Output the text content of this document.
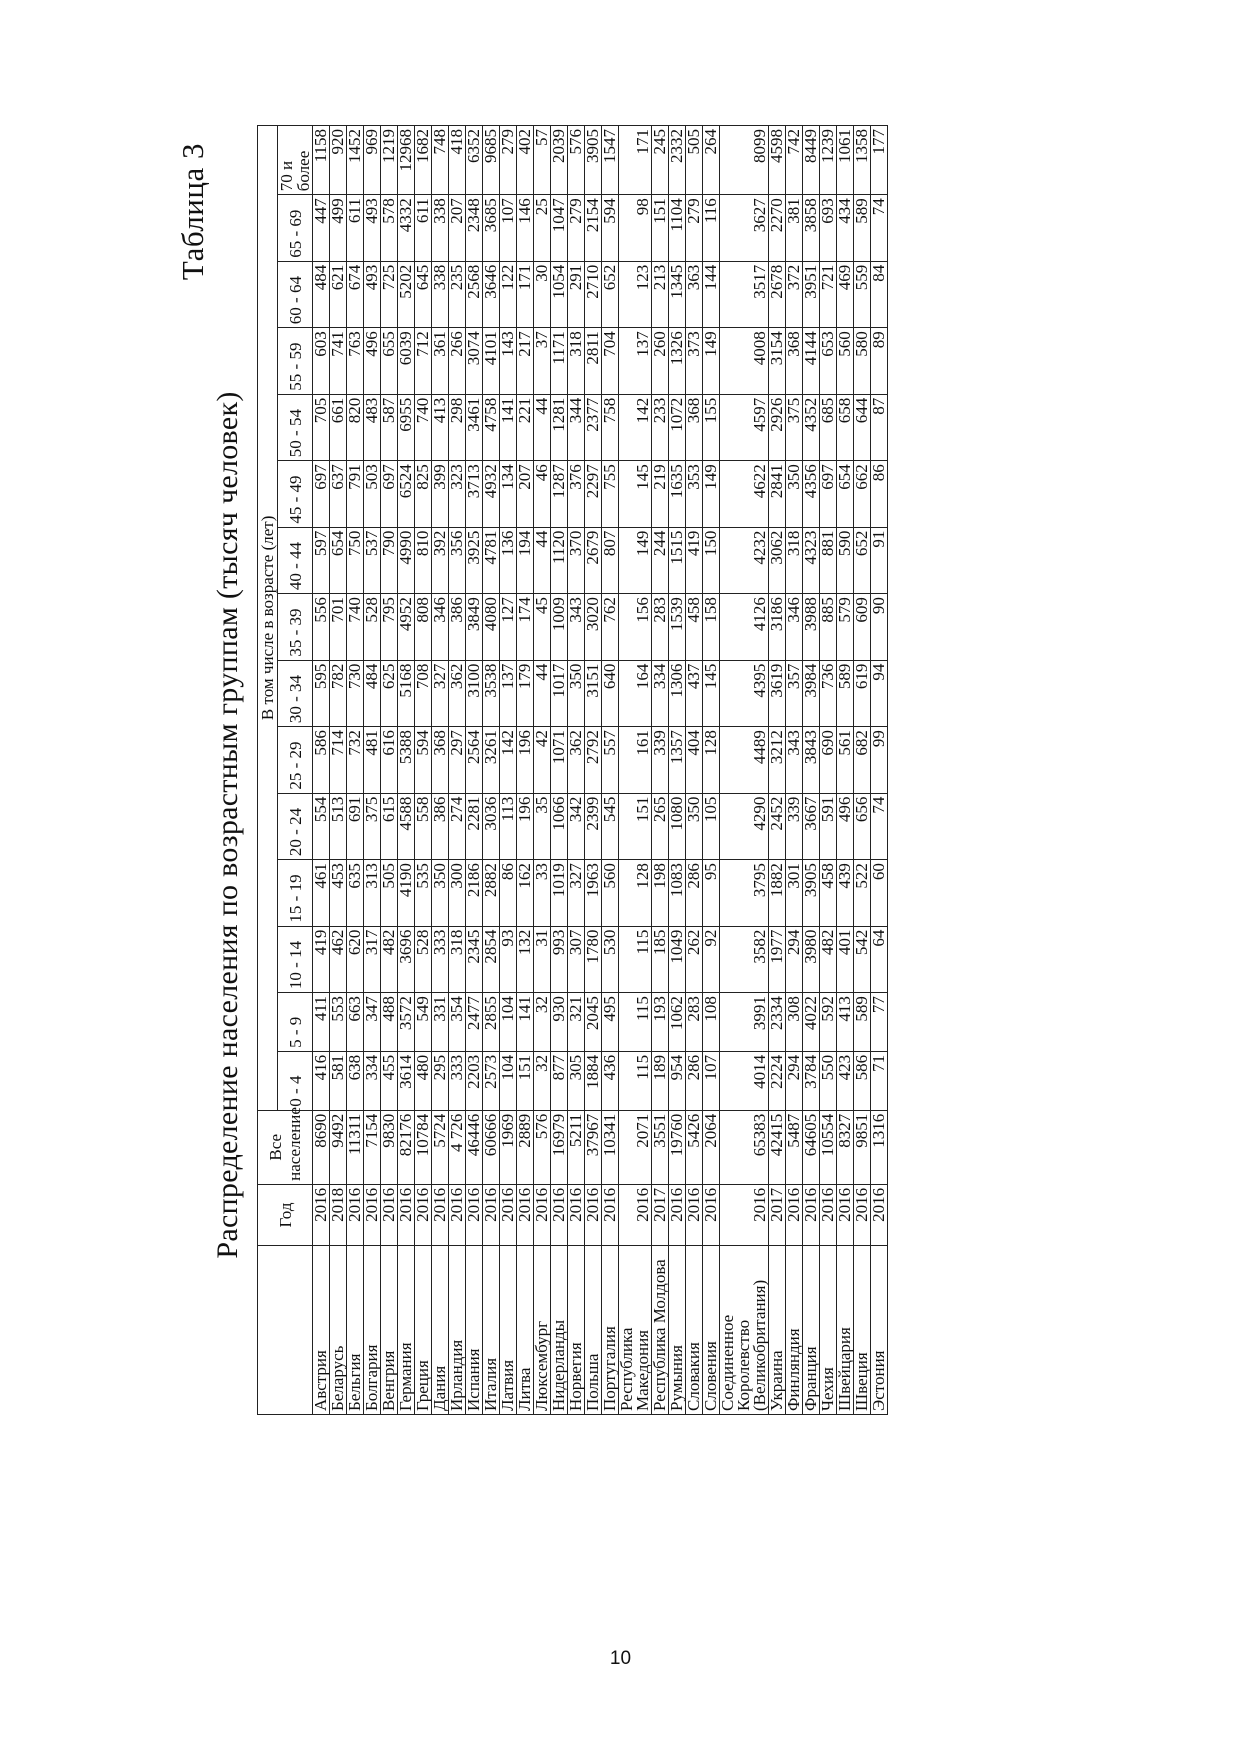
Таблица 3
Распределение населения по возрастным группам (тысяч человек)
	Год	Все население	В том числе в возрасте (лет)														
			0 - 4	5 - 9	10 - 14	15 - 19	20 - 24	25 - 29	30 - 34	35 - 39	40 - 44	45 - 49	50 - 54	55 - 59	60 - 64	65 - 69	70 и более
Австрия	2016	8690	416	411	419	461	554	586	595	556	597	697	705	603	484	447	1158
Беларусь	2018	9492	581	553	462	453	513	714	782	701	654	637	661	741	621	499	920
Бельгия	2016	11311	638	663	620	635	691	732	730	740	750	791	820	763	674	611	1452
Болгария	2016	7154	334	347	317	313	375	481	484	528	537	503	483	496	493	493	969
Венгрия	2016	9830	455	488	482	505	615	616	625	795	790	697	587	655	725	578	1219
Германия	2016	82176	3614	3572	3696	4190	4588	5388	5168	4952	4990	6524	6955	6039	5202	4332	12968
Греция	2016	10784	480	549	528	535	558	594	708	808	810	825	740	712	645	611	1682
Дания	2016	5724	295	331	333	350	386	368	327	346	392	399	413	361	338	338	748
Ирландия	2016	4 726	333	354	318	300	274	297	362	386	356	323	298	266	235	207	418
Испания	2016	46446	2203	2477	2345	2186	2281	2564	3100	3849	3925	3713	3461	3074	2568	2348	6352
Италия	2016	60666	2573	2855	2854	2882	3036	3261	3538	4080	4781	4932	4758	4101	3646	3685	9685
Латвия	2016	1969	104	104	93	86	113	142	137	127	136	134	141	143	122	107	279
Литва	2016	2889	151	141	132	162	196	196	179	174	194	207	221	217	171	146	402
Люксембург	2016	576	32	32	31	33	35	42	44	45	44	46	44	37	30	25	57
Нидерланды	2016	16979	877	930	993	1019	1066	1071	1017	1009	1120	1287	1281	1171	1054	1047	2039
Норвегия	2016	5211	305	321	307	327	342	362	350	343	370	376	344	318	291	279	576
Польша	2016	37967	1884	2045	1780	1963	2399	2792	3151	3020	2679	2297	2377	2811	2710	2154	3905
Португалия	2016	10341	436	495	530	560	545	557	640	762	807	755	758	704	652	594	1547
Республика Македония	2016	2071	115	115	115	128	151	161	164	156	149	145	142	137	123	98	171
Республика Молдова	2017	3551	189	193	185	198	265	339	334	283	244	219	233	260	213	151	245
Румыния	2016	19760	954	1062	1049	1083	1080	1357	1306	1539	1515	1635	1072	1326	1345	1104	2332
Словакия	2016	5426	286	283	262	286	350	404	437	458	419	353	368	373	363	279	505
Словения	2016	2064	107	108	92	95	105	128	145	158	150	149	155	149	144	116	264
Соединенное Королевство (Великобритания)	2016	65383	4014	3991	3582	3795	4290	4489	4395	4126	4232	4622	4597	4008	3517	3627	8099
Украина	2017	42415	2224	2334	1977	1882	2452	3212	3619	3186	3062	2841	2926	3154	2678	2270	4598
Финляндия	2016	5487	294	308	294	301	339	343	357	346	318	350	375	368	372	381	742
Франция	2016	64605	3784	4022	3980	3905	3667	3843	3984	3988	4323	4356	4352	4144	3951	3858	8449
Чехия	2016	10554	550	592	482	458	591	690	736	885	881	697	685	653	721	693	1239
Швейцария	2016	8327	423	413	401	439	496	561	589	579	590	654	658	560	469	434	1061
Швеция	2016	9851	586	589	542	522	656	682	619	609	652	662	644	580	559	589	1358
Эстония	2016	1316	71	77	64	60	74	99	94	90	91	86	87	89	84	74	177
10
